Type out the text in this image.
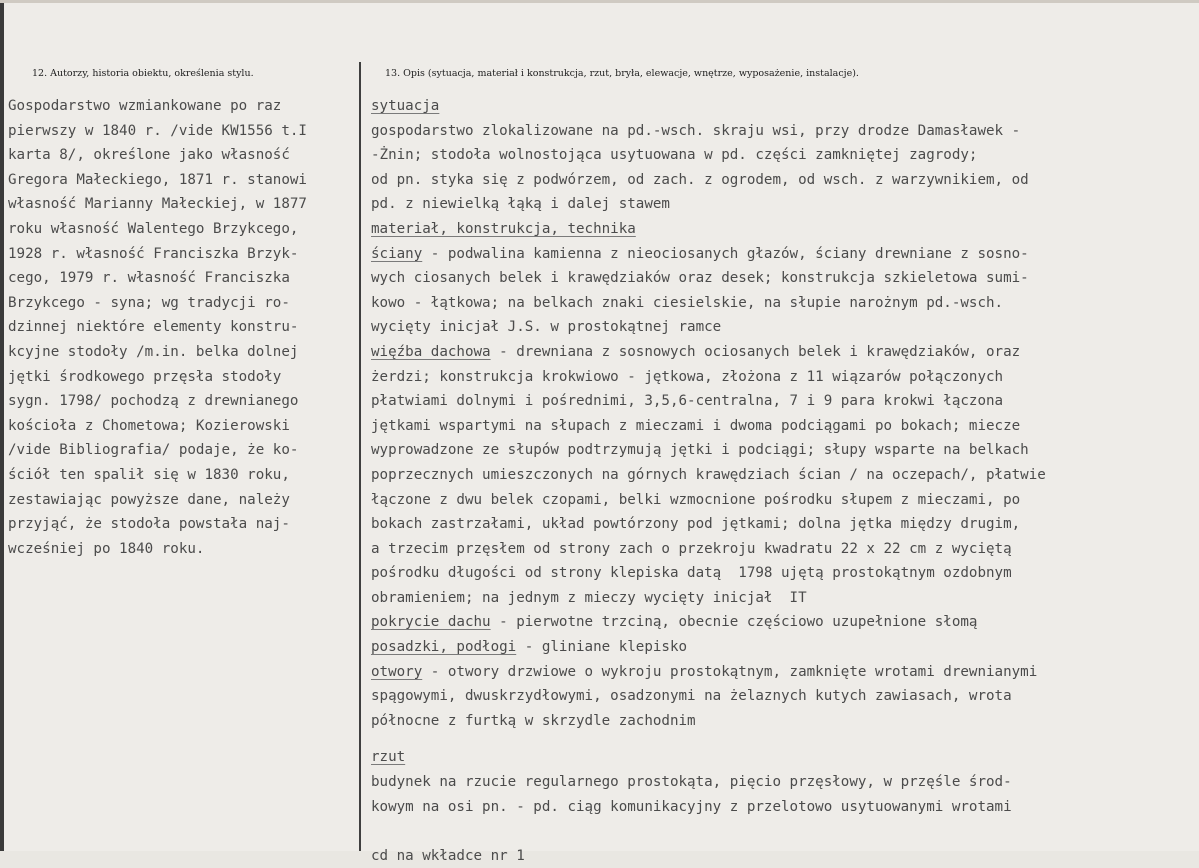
12. Autorzy, historia obiektu, określenia stylu.	13. Opis (sytuacja, materiał i konstrukcja, rzut, bryła, elewacje, wnętrze, wyposażenie, instalacje).
Gospodarstwo wzmiankowane po raz
pierwszy w 1840 r. /vide KW1556 t.I
karta 8/, określone jako własność
Gregora Małeckiego, 1871 r. stanowi
własność Marianny Małeckiej, w 1877
roku własność Walentego Brzykcego,
1928 r. własność Franciszka Brzyk-
cego, 1979 r. własność Franciszka
Brzykcego - syna; wg tradycji ro-
dzinnej niektóre elementy konstru-
kcyjne stodoły /m.in. belka dolnej
jętki środkowego przęsła stodoły
sygn. 1798/ pochodzą z drewnianego
kościoła z Chometowa; Kozierowski
/vide Bibliografia/ podaje, że ko-
ściół ten spalił się w 1830 roku,
zestawiając powyższe dane, należy
przyjąć, że stodoła powstała naj-
wcześniej po 1840 roku.
sytuacja
gospodarstwo zlokalizowane na pd.-wsch. skraju wsi, przy drodze Damasławek -
-Żnin; stodoła wolnostojąca usytuowana w pd. części zamkniętej zagrody;
od pn. styka się z podwórzem, od zach. z ogrodem, od wsch. z warzywnikiem, od
pd. z niewielką łąką i dalej stawem
materiał, konstrukcja, technika
ściany - podwalina kamienna z nieociosanych głazów, ściany drewniane z sosno-
wych ciosanych belek i krawędziaków oraz desek; konstrukcja szkieletowa sumi-
kowo - łątkowa; na belkach znaki ciesielskie, na słupie narożnym pd.-wsch.
wycięty inicjał J.S. w prostokątnej ramce
więźba dachowa - drewniana z sosnowych ociosanych belek i krawędziaków, oraz
żerdzi; konstrukcja krokwiowo - jętkowa, złożona z 11 wiązarów połączonych
płatwiami dolnymi i pośrednimi, 3,5,6-centralna, 7 i 9 para krokwi łączona
jętkami wspartymi na słupach z mieczami i dwoma podciągami po bokach; miecze
wyprowadzone ze słupów podtrzymują jętki i podciągi; słupy wsparte na belkach
poprzecznych umieszczonych na górnych krawędziach ścian / na oczepach/, płatwie
łączone z dwu belek czopami, belki wzmocnione pośrodku słupem z mieczami, po
bokach zastrzałami, układ powtórzony pod jętkami; dolna jętka między drugim,
a trzecim przęsłem od strony zach o przekroju kwadratu 22 x 22 cm z wyciętą
pośrodku długości od strony klepiska datą  1798 ujętą prostokątnym ozdobnym
obramieniem; na jednym z mieczy wycięty inicjał  IT
pokrycie dachu - pierwotne trzciną, obecnie częściowo uzupełnione słomą
posadzki, podłogi - gliniane klepisko
otwory - otwory drzwiowe o wykroju prostokątnym, zamknięte wrotami drewnianymi
spągowymi, dwuskrzydłowymi, osadzonymi na żelaznych kutych zawiasach, wrota
północne z furtką w skrzydle zachodnim
rzut
budynek na rzucie regularnego prostokąta, pięcio przęsłowy, w przęśle środ-
kowym na osi pn. - pd. ciąg komunikacyjny z przelotowo usytuowanymi wrotami
cd na wkładce nr 1
